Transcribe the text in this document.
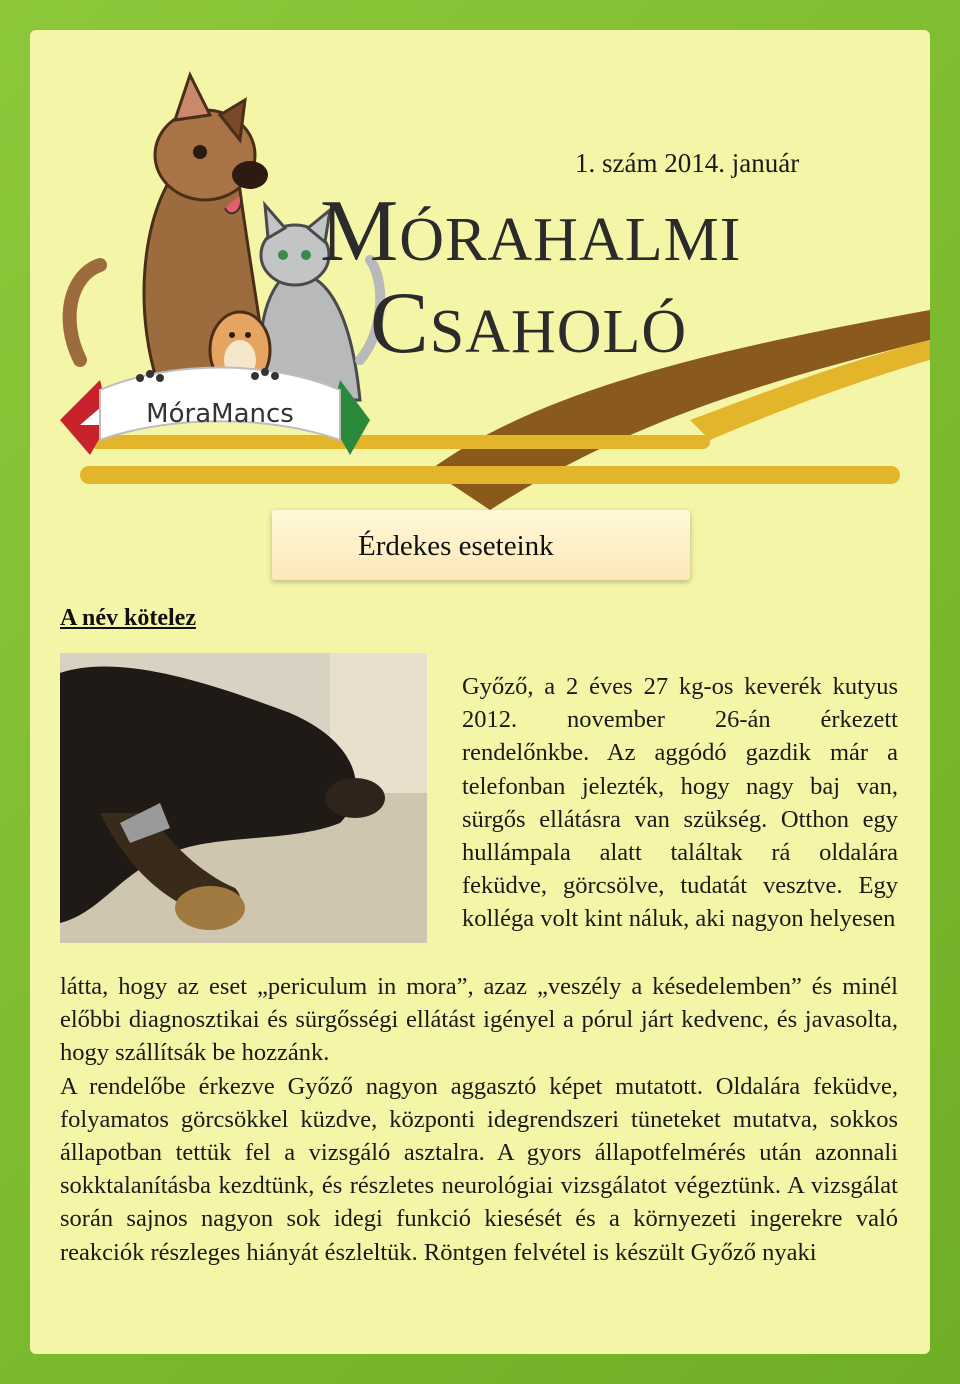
MóraMancs
1. szám 2014. január
MÓRAHALMI
CSAHOLÓ
Érdekes eseteink
A név kötelez
Győző, a 2 éves 27 kg-os keverék kutyus 2012. november 26-án érkezett rendelőnkbe. Az aggódó gazdik már a telefonban jelezték, hogy nagy baj van, sürgős ellátásra van szükség. Otthon egy hullámpala alatt találtak rá oldalára feküdve, görcsölve, tudatát vesztve. Egy kolléga volt kint náluk, aki nagyon helyesen
látta, hogy az eset „periculum in mora”, azaz „veszély a késedelemben” és minél előbbi diagnosztikai és sürgősségi ellátást igényel a pórul járt kedvenc, és javasolta, hogy szállítsák be hozzánk.
A rendelőbe érkezve Győző nagyon aggasztó képet mutatott. Oldalára feküdve, folyamatos görcsökkel küzdve, központi idegrendszeri tüneteket mutatva, sokkos állapotban tettük fel a vizsgáló asztalra. A gyors állapotfelmérés után azonnali sokktalanításba kezdtünk, és részletes neurológiai vizsgálatot végeztünk. A vizsgálat során sajnos nagyon sok idegi funkció kiesését és a környezeti ingerekre való reakciók részleges hiányát észleltük. Röntgen felvétel is készült Győző nyaki
